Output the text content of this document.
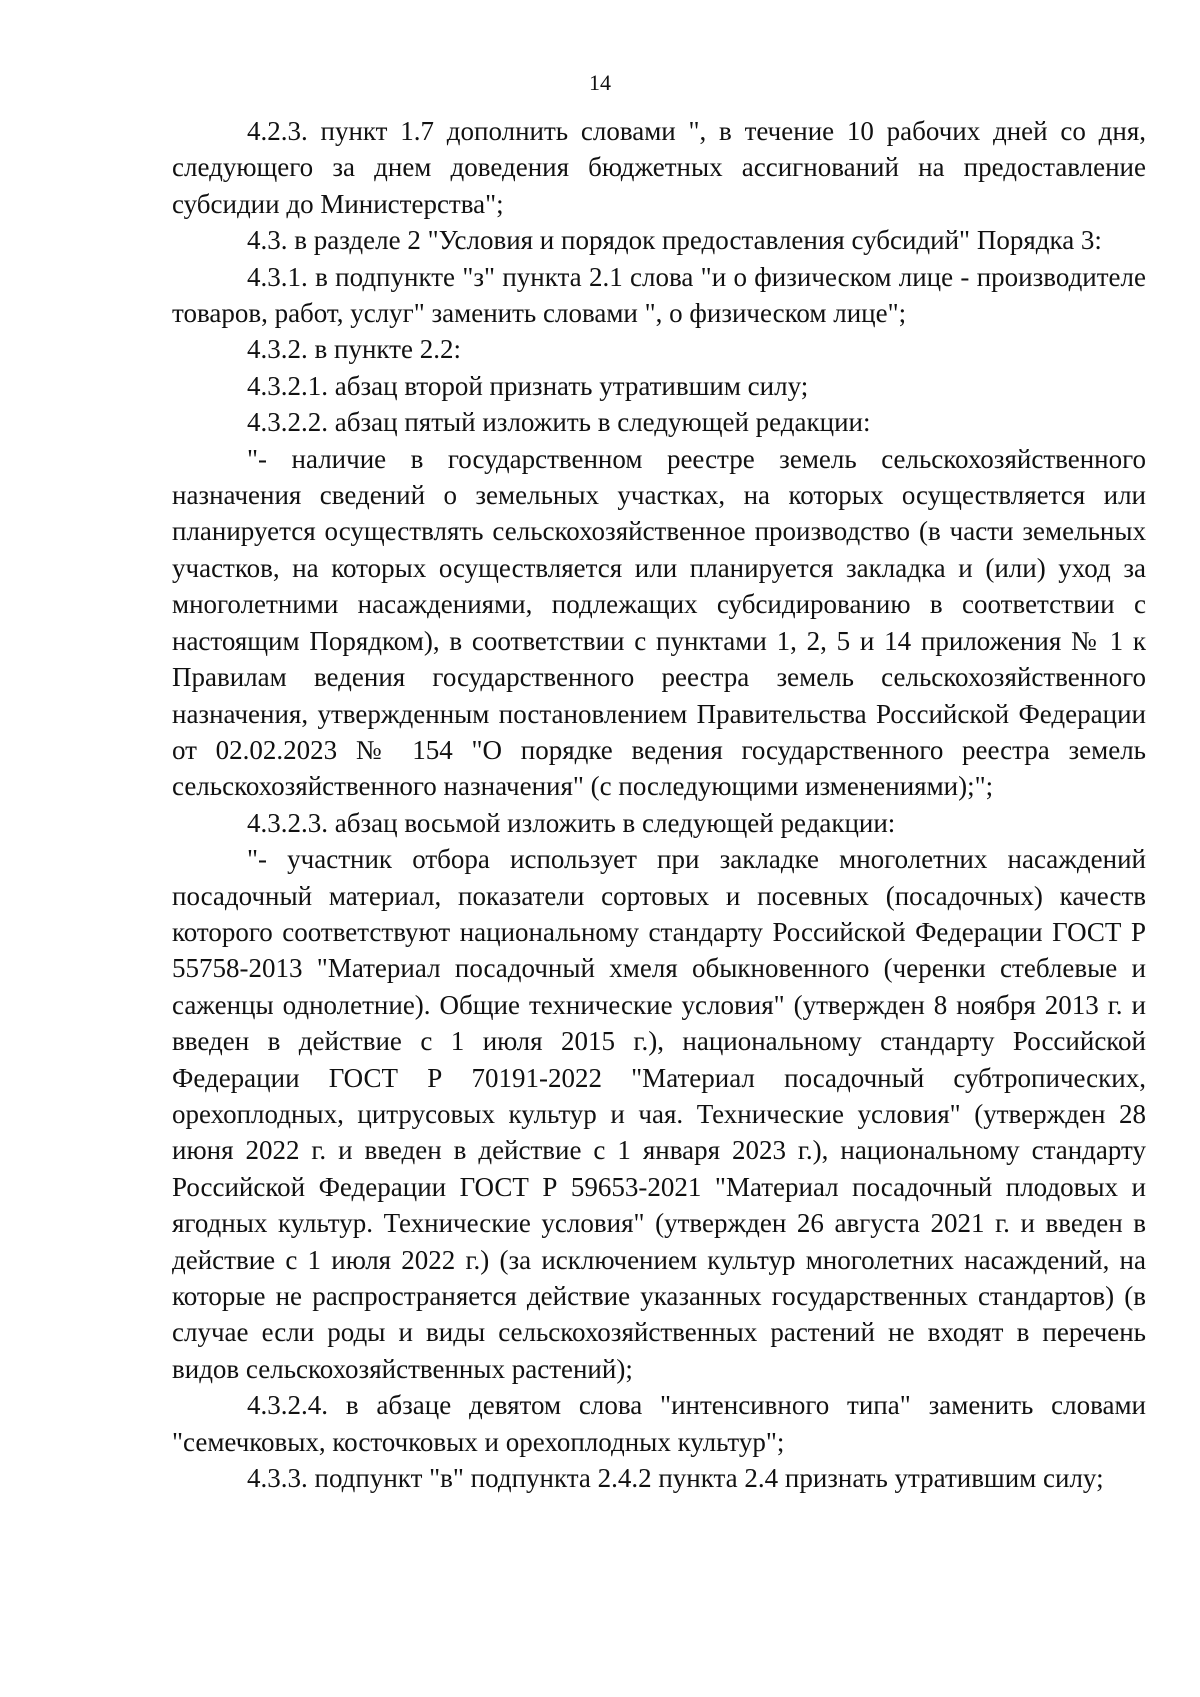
14

4.2.3. пункт 1.7 дополнить словами ", в течение 10 рабочих дней со дня, следующего за днем доведения бюджетных ассигнований на предоставление субсидии до Министерства";

4.3. в разделе 2 "Условия и порядок предоставления субсидий" Порядка 3:

4.3.1. в подпункте "з" пункта 2.1 слова "и о физическом лице - производителе товаров, работ, услуг" заменить словами ", о физическом лице";

4.3.2. в пункте 2.2:

4.3.2.1. абзац второй признать утратившим силу;

4.3.2.2. абзац пятый изложить в следующей редакции:

"- наличие в государственном реестре земель сельскохозяйственного назначения сведений о земельных участках, на которых осуществляется или планируется осуществлять сельскохозяйственное производство (в части земельных участков, на которых осуществляется или планируется закладка и (или) уход за многолетними насаждениями, подлежащих субсидированию в соответствии с настоящим Порядком), в соответствии с пунктами 1, 2, 5 и 14 приложения № 1 к Правилам ведения государственного реестра земель сельскохозяйственного назначения, утвержденным постановлением Правительства Российской Федерации от 02.02.2023 № 154 "О порядке ведения государственного реестра земель сельскохозяйственного назначения" (с последующими изменениями);";

4.3.2.3. абзац восьмой изложить в следующей редакции:

"- участник отбора использует при закладке многолетних насаждений посадочный материал, показатели сортовых и посевных (посадочных) качеств которого соответствуют национальному стандарту Российской Федерации ГОСТ Р 55758-2013 "Материал посадочный хмеля обыкновенного (черенки стеблевые и саженцы однолетние). Общие технические условия" (утвержден 8 ноября 2013 г. и введен в действие с 1 июля 2015 г.), национальному стандарту Российской Федерации ГОСТ Р 70191-2022 "Материал посадочный субтропических, орехоплодных, цитрусовых культур и чая. Технические условия" (утвержден 28 июня 2022 г. и введен в действие с 1 января 2023 г.), национальному стандарту Российской Федерации ГОСТ Р 59653-2021 "Материал посадочный плодовых и ягодных культур. Технические условия" (утвержден 26 августа 2021 г. и введен в действие с 1 июля 2022 г.) (за исключением культур многолетних насаждений, на которые не распространяется действие указанных государственных стандартов) (в случае если роды и виды сельскохозяйственных растений не входят в перечень видов сельскохозяйственных растений);

4.3.2.4. в абзаце девятом слова "интенсивного типа" заменить словами "семечковых, косточковых и орехоплодных культур";

4.3.3. подпункт "в" подпункта 2.4.2 пункта 2.4 признать утратившим силу;
